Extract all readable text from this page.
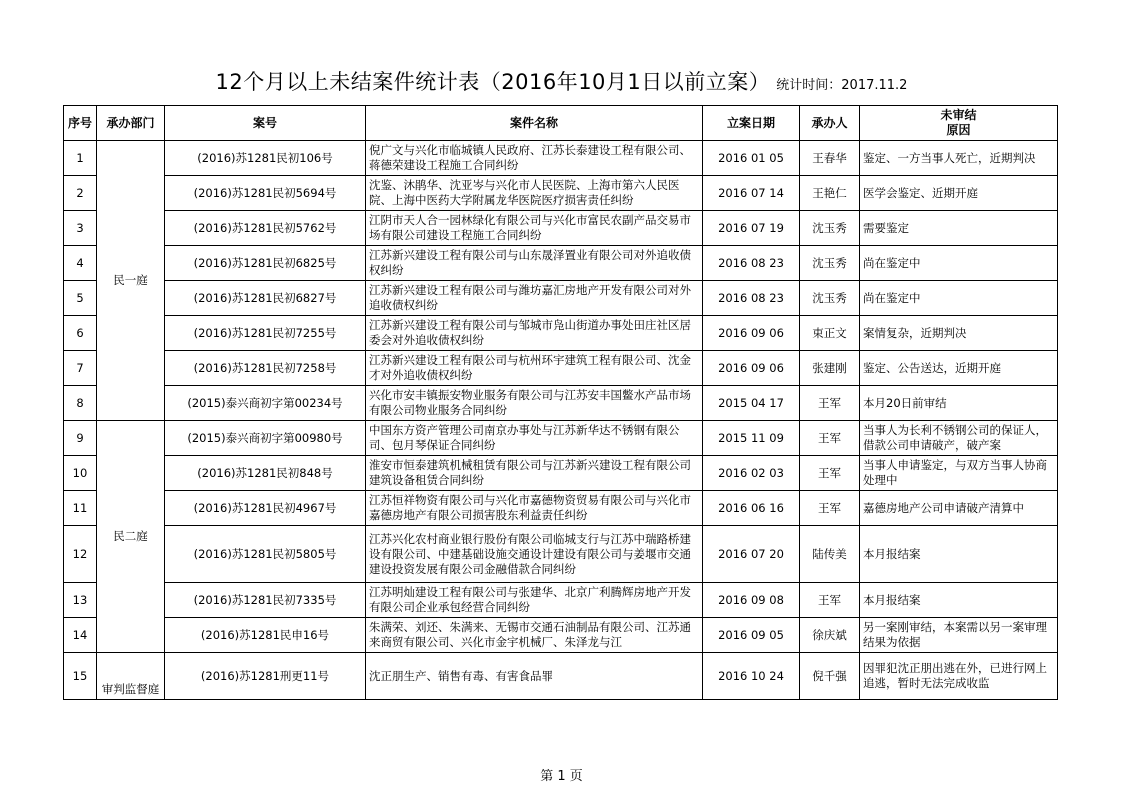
12个月以上未结案件统计表（2016年10月1日以前立案） 统计时间：2017.11.2
序号	承办部门	案号	案件名称	立案日期	承办人	未审结
原因
1	民一庭	(2016)苏1281民初106号	倪广文与兴化市临城镇人民政府、江苏长泰建设工程有限公司、蒋德荣建设工程施工合同纠纷	2016 01 05	王春华	鉴定、一方当事人死亡，近期判决

2		(2016)苏1281民初5694号	沈鉴、沐鹃华、沈亚岑与兴化市人民医院、上海市第六人民医院、上海中医药大学附属龙华医院医疗损害责任纠纷	2016 07 14	王艳仁	医学会鉴定、近期开庭

3		(2016)苏1281民初5762号	江阴市天人合一园林绿化有限公司与兴化市富民农副产品交易市场有限公司建设工程施工合同纠纷	2016 07 19	沈玉秀	需要鉴定

4		(2016)苏1281民初6825号	江苏新兴建设工程有限公司与山东晟泽置业有限公司对外追收债权纠纷	2016 08 23	沈玉秀	尚在鉴定中

5		(2016)苏1281民初6827号	江苏新兴建设工程有限公司与潍坊嘉汇房地产开发有限公司对外追收债权纠纷	2016 08 23	沈玉秀	尚在鉴定中

6		(2016)苏1281民初7255号	江苏新兴建设工程有限公司与邹城市凫山街道办事处田庄社区居委会对外追收债权纠纷	2016 09 06	束正文	案情复杂，近期判决

7		(2016)苏1281民初7258号	江苏新兴建设工程有限公司与杭州环宇建筑工程有限公司、沈金才对外追收债权纠纷	2016 09 06	张建刚	鉴定、公告送达，近期开庭

8		(2015)泰兴商初字第00234号	兴化市安丰镇振安物业服务有限公司与江苏安丰国鳖水产品市场有限公司物业服务合同纠纷	2015 04 17	王军	本月20日前审结

9	民二庭	(2015)泰兴商初字第00980号	中国东方资产管理公司南京办事处与江苏新华达不锈钢有限公司、包月琴保证合同纠纷	2015 11 09	王军	当事人为长利不锈钢公司的保证人，借款公司申请破产，破产案

10		(2016)苏1281民初848号	淮安市恒泰建筑机械租赁有限公司与江苏新兴建设工程有限公司建筑设备租赁合同纠纷	2016 02 03	王军	当事人申请鉴定，与双方当事人协商处理中

11		(2016)苏1281民初4967号	江苏恒祥物资有限公司与兴化市嘉德物资贸易有限公司与兴化市嘉德房地产有限公司损害股东利益责任纠纷	2016 06 16	王军	嘉德房地产公司申请破产清算中

12		(2016)苏1281民初5805号	江苏兴化农村商业银行股份有限公司临城支行与江苏中瑞路桥建设有限公司、中建基础设施交通设计建设有限公司与姜堰市交通建设投资发展有限公司金融借款合同纠纷	2016 07 20	陆传美	本月报结案

13		(2016)苏1281民初7335号	江苏明灿建设工程有限公司与张建华、北京广利腾辉房地产开发有限公司企业承包经营合同纠纷	2016 09 08	王军	本月报结案

14		(2016)苏1281民申16号	朱满荣、刘还、朱满来、无锡市交通石油制品有限公司、江苏通来商贸有限公司、兴化市金宇机械厂、朱泽龙与江	2016 09 05	徐庆斌	另一案刚审结，本案需以另一案审理结果为依据

15	审判监督庭	(2016)苏1281刑更11号	沈正朋生产、销售有毒、有害食品罪	2016 10 24	倪千强	因罪犯沈正朋出逃在外，已进行网上追逃，暂时无法完成收监
第 1 页
